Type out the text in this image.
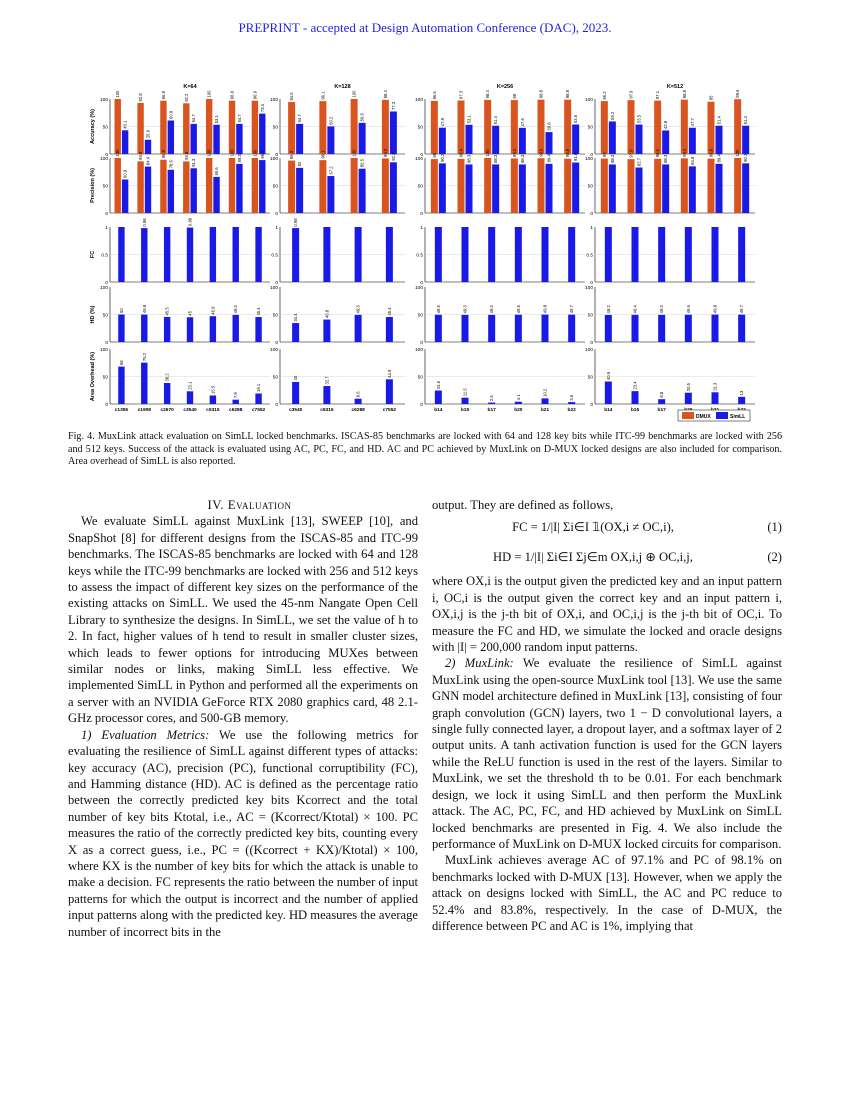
PREPRINT - accepted at Design Automation Conference (DAC), 2023.
K=64	K=128	K=256	K=512
Accuracy (%)
100
50
0
100
43.1
92.8
25.9
96.9
60.9
92.2
54.7
100
53.1
96.9
54.7
96.9
73.4
100
50
0
94.5
54.7
96.1
50.2
100
56.6
98.4
77.3
100
50
0
96.5
47.8
97.3
53.1
98.4
51.4
98
47.6
98.8
39.8
98.8
53.6
100
50
0
96.2
59.2
97.9
53.5
97.1
42.8
98.8
47.7
95
51.4
99.6
51.4
Precision (%)
100
50
0
100
60.9
93.9
84.4
96.9
78.6
93.8
81.3
100
65.6
100
89.3
100 96.2
100
50
0
95.3
82
96.1
67.2
100
80.5
99.2 92.2	100
50
0
98 90.2
98.4
88.3
100
88.3
99.2
88.3
99.6
89.4
98.8 91.8 100
50
0
99
88.3
97.9
82.7
98.6
88.3
99.4
84.8
98.8
89.4
100
90.3
FC
1
0.5
0
0.98	0.99
1
0.5
0
0.98
1
0.5
0
1
0.5
0
HD (%)
100
50
0
50	49.8	45.5	45	46.9	49.3	45.4
100
50
0
34.4	40.8
49.3	45.4
100
50
0
49.5	49.3	49.3	49.6	49.8	49.7
100
50
0
49.2	49.4	49.3	49.6	49.8	49.7
Area Overhead (%)
100
50
0
68
c1355
75.2
c1908
38.2
c2670
23.1
c3540
15.5
c5315
7.9
c6288
19.1
c7552
100
50
0
40
c3540
32.7
c5315
9.6
c6288
44.9
c7552
100
50
0
24.5
b14
11.5
b15
2.6
b17
4.1
b20
10.2
b21
3.5
b22
100
50
0
40.9
b14
23.4
b15
8.8
b17
20.5	21.3
13
DMUX	SimLL
Fig. 4. MuxLink attack evaluation on SimLL locked benchmarks. ISCAS-85 benchmarks are locked with 64 and 128 key bits while ITC-99 benchmarks are locked with 256 and 512 keys. Success of the attack is evaluated using AC, PC, FC, and HD. AC and PC achieved by MuxLink on D-MUX locked designs are also included for comparison. Area overhead of SimLL is also reported.

IV. Evaluation

We evaluate SimLL against MuxLink [13], SWEEP [10], and SnapShot [8] for different designs from the ISCAS-85 and ITC-99 benchmarks. The ISCAS-85 benchmarks are locked with 64 and 128 keys while the ITC-99 benchmarks are locked with 256 and 512 keys to assess the impact of different key sizes on the performance of the existing attacks on SimLL. We used the 45-nm Nangate Open Cell Library to synthesize the designs. In SimLL, we set the value of h to 2. In fact, higher values of h tend to result in smaller cluster sizes, which leads to fewer options for introducing MUXes between similar nodes or links, making SimLL less effective. We implemented SimLL in Python and performed all the experiments on a server with an NVIDIA GeForce RTX 2080 graphics card, 48 2.1-GHz processor cores, and 500-GB memory.

1) Evaluation Metrics: We use the following metrics for evaluating the resilience of SimLL against different types of attacks: key accuracy (AC), precision (PC), functional corruptibility (FC), and Hamming distance (HD). AC is defined as the percentage ratio between the correctly predicted key bits Kcorrect and the total number of key bits Ktotal, i.e., AC = (Kcorrect/Ktotal) × 100. PC measures the ratio of the correctly predicted key bits, counting every X as a correct guess, i.e., PC = ((Kcorrect + KX)/Ktotal) × 100, where KX is the number of key bits for which the attack is unable to make a decision. FC represents the ratio between the number of input patterns for which the output is incorrect and the number of applied input patterns along with the predicted key. HD measures the average number of incorrect bits in the

output. They are defined as follows,

FC = 1/|I| Σi∈I 𝟙(OX,i ≠ OC,i),	(1)
HD = 1/|I| Σi∈I Σj∈m OX,i,j ⊕ OC,i,j,	(2)

where OX,i is the output given the predicted key and an input pattern i, OC,i is the output given the correct key and an input pattern i, OX,i,j is the j-th bit of OX,i, and OC,i,j is the j-th bit of OC,i. To measure the FC and HD, we simulate the locked and oracle designs with |I| = 200,000 random input patterns.

2) MuxLink: We evaluate the resilience of SimLL against MuxLink using the open-source MuxLink tool [13]. We use the same GNN model architecture defined in MuxLink [13], consisting of four graph convolution (GCN) layers, two 1 − D convolutional layers, a single fully connected layer, a dropout layer, and a softmax layer of 2 output units. A tanh activation function is used for the GCN layers while the ReLU function is used in the rest of the layers. Similar to MuxLink, we set the threshold th to be 0.01. For each benchmark design, we lock it using SimLL and then perform the MuxLink attack. The AC, PC, FC, and HD achieved by MuxLink on SimLL locked benchmarks are presented in Fig. 4. We also include the performance of MuxLink on D-MUX locked circuits for comparison.

MuxLink achieves average AC of 97.1% and PC of 98.1% on benchmarks locked with D-MUX [13]. However, when we apply the attack on designs locked with SimLL, the AC and PC reduce to 52.4% and 83.8%, respectively. In the case of D-MUX, the difference between PC and AC is 1%, implying that
